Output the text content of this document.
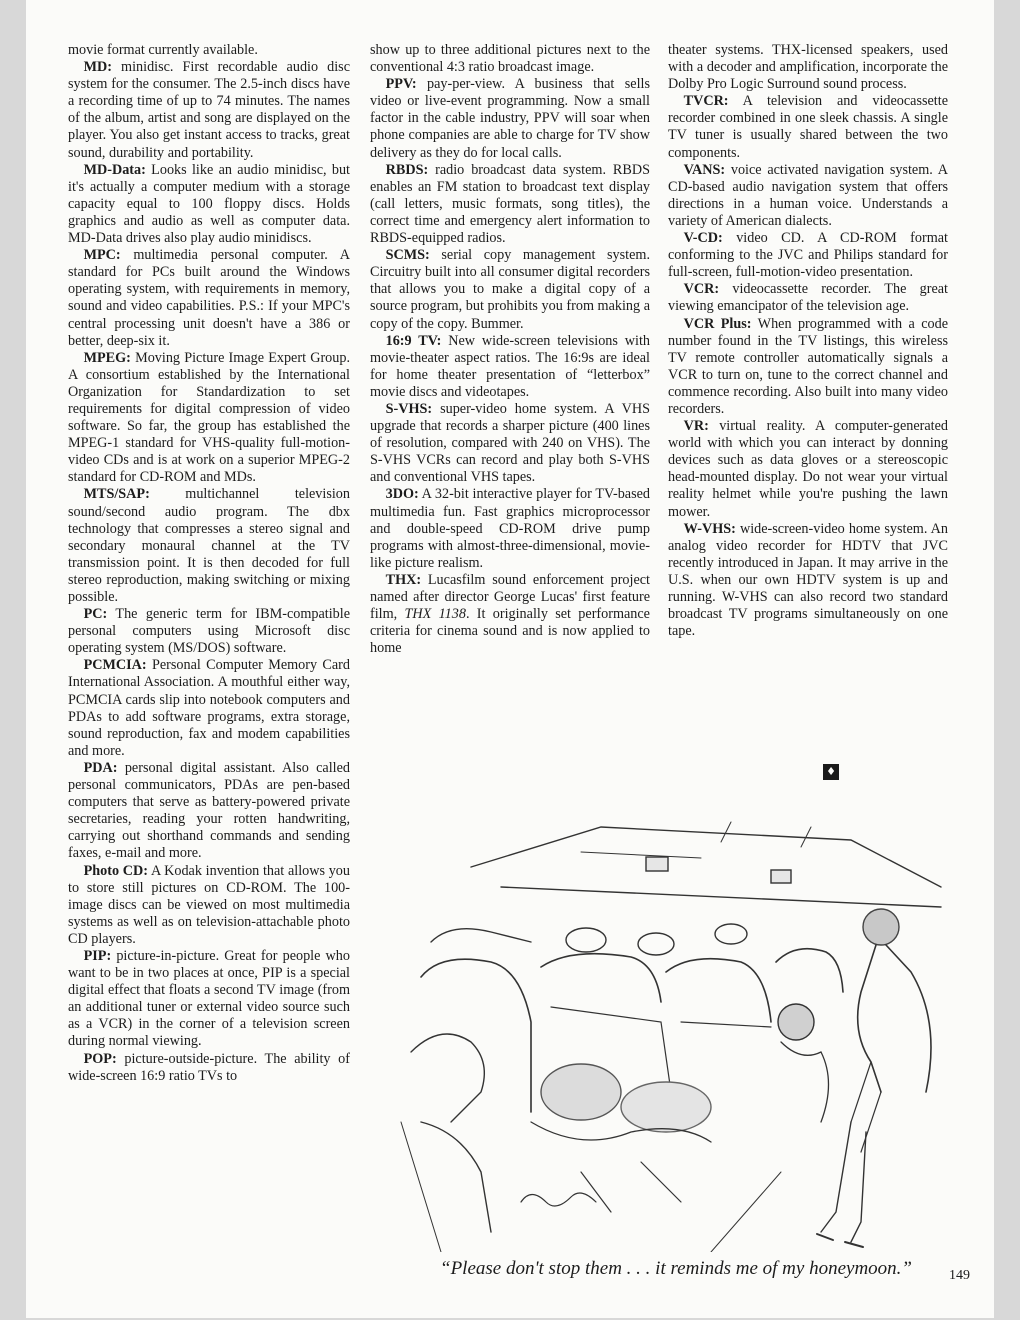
movie format currently available.

MD: minidisc. First recordable audio disc system for the consumer. The 2.5-inch discs have a recording time of up to 74 minutes. The names of the album, artist and song are displayed on the player. You also get instant access to tracks, great sound, durability and portability.

MD-Data: Looks like an audio minidisc, but it's actually a computer medium with a storage capacity equal to 100 floppy discs. Holds graphics and audio as well as computer data. MD-Data drives also play audio minidiscs.

MPC: multimedia personal computer. A standard for PCs built around the Windows operating system, with requirements in memory, sound and video capabilities. P.S.: If your MPC's central processing unit doesn't have a 386 or better, deep-six it.

MPEG: Moving Picture Image Expert Group. A consortium established by the International Organization for Standardization to set requirements for digital compression of video software. So far, the group has established the MPEG-1 standard for VHS-quality full-motion-video CDs and is at work on a superior MPEG-2 standard for CD-ROM and MDs.

MTS/SAP: multichannel television sound/second audio program. The dbx technology that compresses a stereo signal and secondary monaural channel at the TV transmission point. It is then decoded for full stereo reproduction, making switching or mixing possible.

PC: The generic term for IBM-compatible personal computers using Microsoft disc operating system (MS/DOS) software.

PCMCIA: Personal Computer Memory Card International Association. A mouthful either way, PCMCIA cards slip into notebook computers and PDAs to add software programs, extra storage, sound reproduction, fax and modem capabilities and more.

PDA: personal digital assistant. Also called personal communicators, PDAs are pen-based computers that serve as battery-powered private secretaries, reading your rotten handwriting, carrying out shorthand commands and sending faxes, e-mail and more.

Photo CD: A Kodak invention that allows you to store still pictures on CD-ROM. The 100-image discs can be viewed on most multimedia systems as well as on television-attachable photo CD players.

PIP: picture-in-picture. Great for people who want to be in two places at once, PIP is a special digital effect that floats a second TV image (from an additional tuner or external video source such as a VCR) in the corner of a television screen during normal viewing.

POP: picture-outside-picture. The ability of wide-screen 16:9 ratio TVs to

show up to three additional pictures next to the conventional 4:3 ratio broadcast image.

PPV: pay-per-view. A business that sells video or live-event programming. Now a small factor in the cable industry, PPV will soar when phone companies are able to charge for TV show delivery as they do for local calls.

RBDS: radio broadcast data system. RBDS enables an FM station to broadcast text display (call letters, music formats, song titles), the correct time and emergency alert information to RBDS-equipped radios.

SCMS: serial copy management system. Circuitry built into all consumer digital recorders that allows you to make a digital copy of a source program, but prohibits you from making a copy of the copy. Bummer.

16:9 TV: New wide-screen televisions with movie-theater aspect ratios. The 16:9s are ideal for home theater presentation of “letterbox” movie discs and videotapes.

S-VHS: super-video home system. A VHS upgrade that records a sharper picture (400 lines of resolution, compared with 240 on VHS). The S-VHS VCRs can record and play both S-VHS and conventional VHS tapes.

3DO: A 32-bit interactive player for TV-based multimedia fun. Fast graphics microprocessor and double-speed CD-ROM drive pump programs with almost-three-dimensional, movie-like picture realism.

THX: Lucasfilm sound enforcement project named after director George Lucas' first feature film, THX 1138. It originally set performance criteria for cinema sound and is now applied to home

theater systems. THX-licensed speakers, used with a decoder and amplification, incorporate the Dolby Pro Logic Surround sound process.

TVCR: A television and videocassette recorder combined in one sleek chassis. A single TV tuner is usually shared between the two components.

VANS: voice activated navigation system. A CD-based audio navigation system that offers directions in a human voice. Understands a variety of American dialects.

V-CD: video CD. A CD-ROM format conforming to the JVC and Philips standard for full-screen, full-motion-video presentation.

VCR: videocassette recorder. The great viewing emancipator of the television age.

VCR Plus: When programmed with a code number found in the TV listings, this wireless TV remote controller automatically signals a VCR to turn on, tune to the correct channel and commence recording. Also built into many video recorders.

VR: virtual reality. A computer-generated world with which you can interact by donning devices such as data gloves or a stereoscopic head-mounted display. Do not wear your virtual reality helmet while you're pushing the lawn mower.

W-VHS: wide-screen-video home system. An analog video recorder for HDTV that JVC recently introduced in Japan. It may arrive in the U.S. when our own HDTV system is up and running. W-VHS can also record two standard broadcast TV programs simultaneously on one tape.

♦
“Please don't stop them . . . it reminds me of my honeymoon.”	149
